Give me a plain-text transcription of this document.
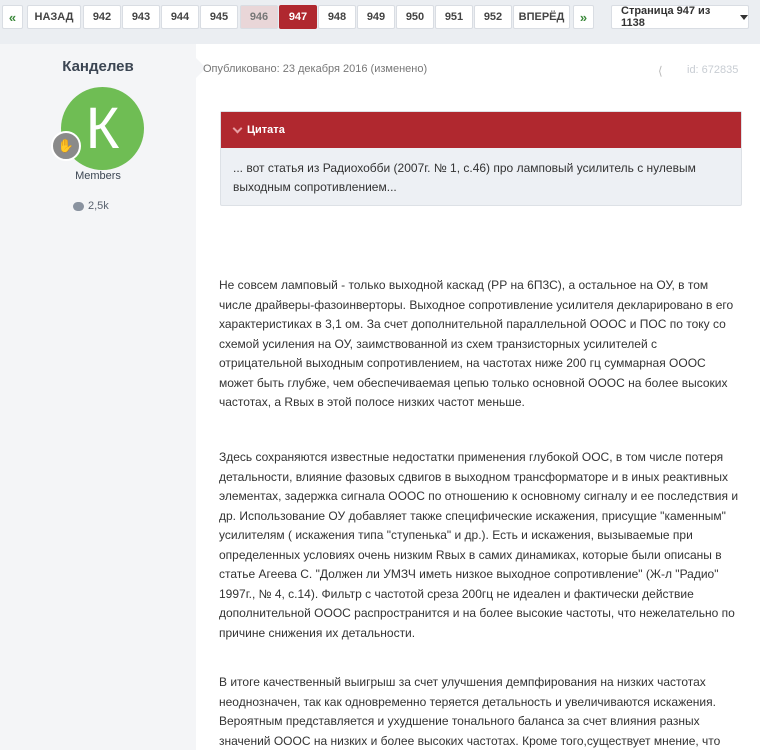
«	НАЗАД	942	943	944	945	946	947	948	949	950	951	952	ВПЕРЁД	»	Страница 947 из 1138
Канделев
К
✋
Members
2,5k
Опубликовано: 23 декабря 2016 (изменено)	⟨ id: 672835
Цитата
... вот статья из Радиохобби (2007г. № 1, с.46) про ламповый усилитель с нулевым выходным сопротивлением...
Не совсем ламповый - только выходной каскад (РР на 6П3С), а остальное на ОУ, в том числе драйверы-фазоинверторы. Выходное сопротивление усилителя декларировано в его характеристиках в 3,1 ом. За счет дополнительной параллельной ОООС и ПОС по току со схемой усиления на ОУ, заимствованной из схем транзисторных усилителей с отрицательной выходным сопротивлением, на частотах ниже 200 гц суммарная ОООС может быть глубже, чем обеспечиваемая цепью только основной ОООС на более высоких частотах, а Rвых в этой полосе низких частот меньше.
Здесь сохраняются известные недостатки применения глубокой ООС, в том числе потеря детальности, влияние фазовых сдвигов в выходном трансформаторе и в иных реактивных элементах, задержка сигнала ОООС по отношению к основному сигналу и ее последствия и др. Использование ОУ добавляет также специфические искажения, присущие "каменным" усилителям ( искажения типа "ступенька" и др.). Есть и искажения, вызываемые при определенных условиях очень низким Rвых в самих динамиках, которые были описаны в статье Агеева С. "Должен ли УМЗЧ иметь низкое выходное сопротивление" (Ж-л "Радио" 1997г., № 4, с.14). Фильтр с частотой среза 200гц не идеален и фактически действие дополнительной ОООС распространится и на более высокие частоты, что нежелательно по причине снижения их детальности.
В итоге качественный выигрыш за счет улучшения демпфирования на низких частотах неоднозначен, так как одновременно теряется детальность и увеличиваются искажения. Вероятным представляется и ухудшение тонального баланса за счет влияния разных значений ОООС на низких и более высоких частотах. Кроме того,существует мнение, что
